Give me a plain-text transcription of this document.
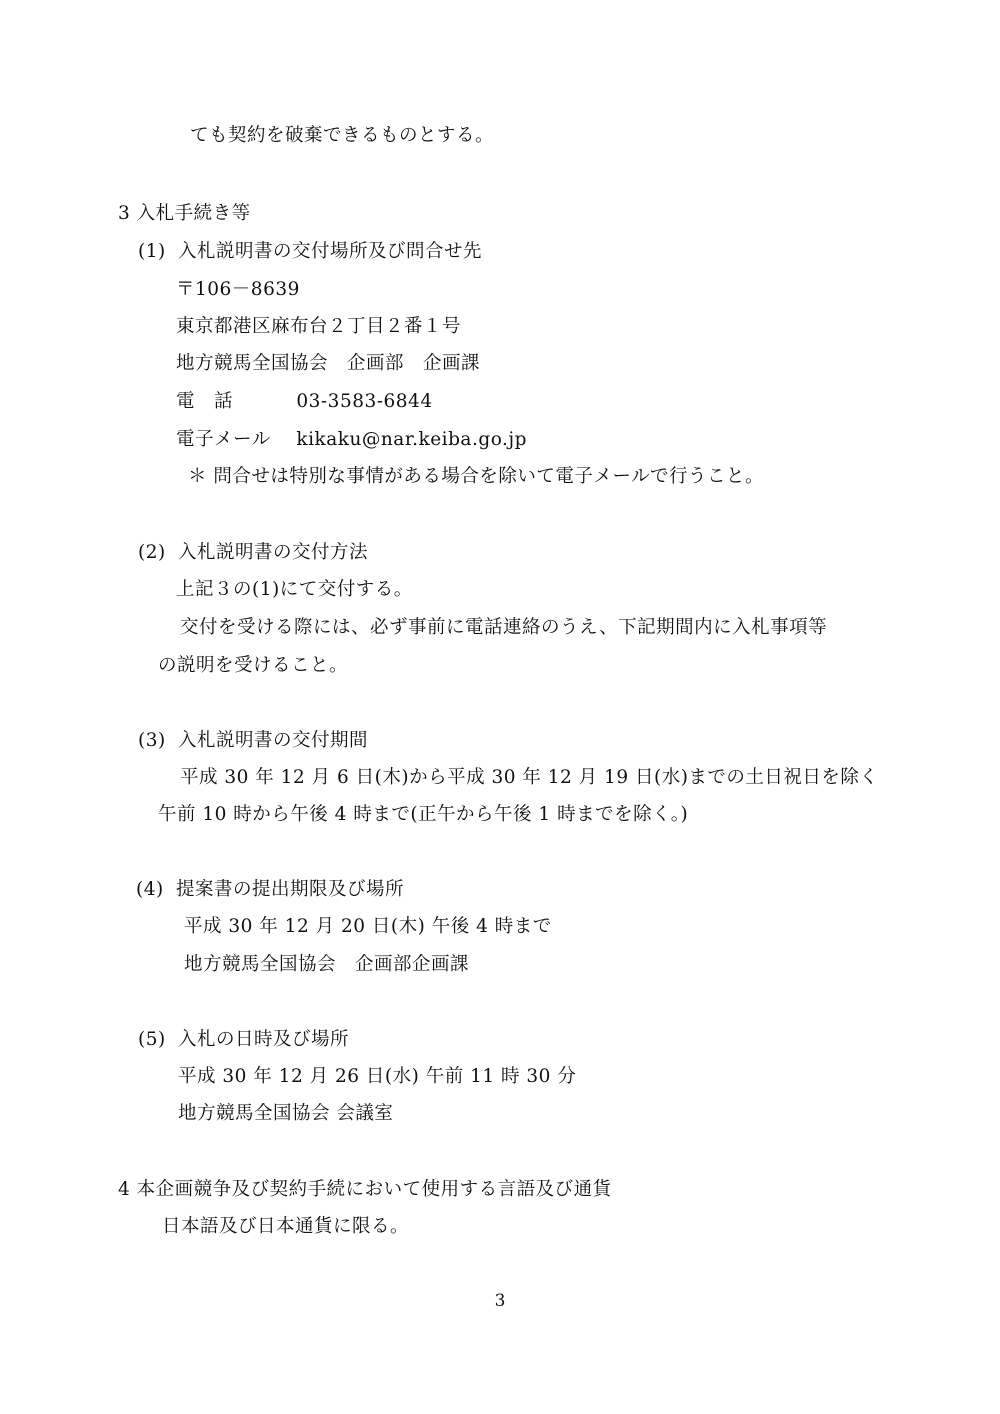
ても契約を破棄できるものとする。
3 入札手続き等
(1) 入札説明書の交付場所及び問合せ先
〒106－8639
東京都港区麻布台２丁目２番１号
地方競馬全国協会　企画部　企画課
電　話	03-3583-6844
電子メール kikaku@nar.keiba.go.jp
＊ 問合せは特別な事情がある場合を除いて電子メールで行うこと。
(2) 入札説明書の交付方法
上記３の(1)にて交付する。
交付を受ける際には、必ず事前に電話連絡のうえ、下記期間内に入札事項等
の説明を受けること。
(3) 入札説明書の交付期間
平成 30 年 12 月 6 日(木)から平成 30 年 12 月 19 日(水)までの土日祝日を除く
午前 10 時から午後 4 時まで(正午から午後 1 時までを除く。)
(4) 提案書の提出期限及び場所
平成 30 年 12 月 20 日(木) 午後 4 時まで
地方競馬全国協会　企画部企画課
(5) 入札の日時及び場所
平成 30 年 12 月 26 日(水) 午前 11 時 30 分
地方競馬全国協会 会議室
4 本企画競争及び契約手続において使用する言語及び通貨
日本語及び日本通貨に限る。
3
